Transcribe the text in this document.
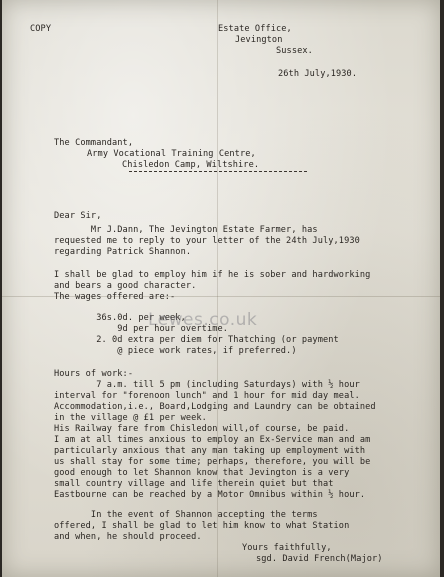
COPY	Estate Office,
Jevington
Sussex.
26th July,1930.
The Commandant,
Army Vocational Training Centre,
Chisledon Camp, Wiltshire.
Dear Sir,
Mr J.Dann, The Jevington Estate Farmer, has
requested me to reply to your letter of the 24th July,1930
regarding Patrick Shannon.
I shall be glad to employ him if he is sober and hardworking
and bears a good character.
The wages offered are:-
36s.0d. per week,
9d per hour overtime.
2. 0d extra per diem for Thatching (or payment
@ piece work rates, if preferred.)
Lewes.co.uk
Hours of work:-
7 a.m. till 5 pm (including Saturdays) with ½ hour
interval for "forenoon lunch" and 1 hour for mid day meal.
Accommodation,i.e., Board,Lodging and Laundry can be obtained
in the village @ £1 per week.
His Railway fare from Chisledon will,of course, be paid.
I am at all times anxious to employ an Ex-Service man and am
particularly anxious that any man taking up employment with
us shall stay for some time; perhaps, therefore, you will be
good enough to let Shannon know that Jevington is a very
small country village and life therein quiet but that
Eastbourne can be reached by a Motor Omnibus within ½ hour.
In the event of Shannon accepting the terms
offered, I shall be glad to let him know to what Station
and when, he should proceed.
Yours faithfully,
sgd. David French(Major)
